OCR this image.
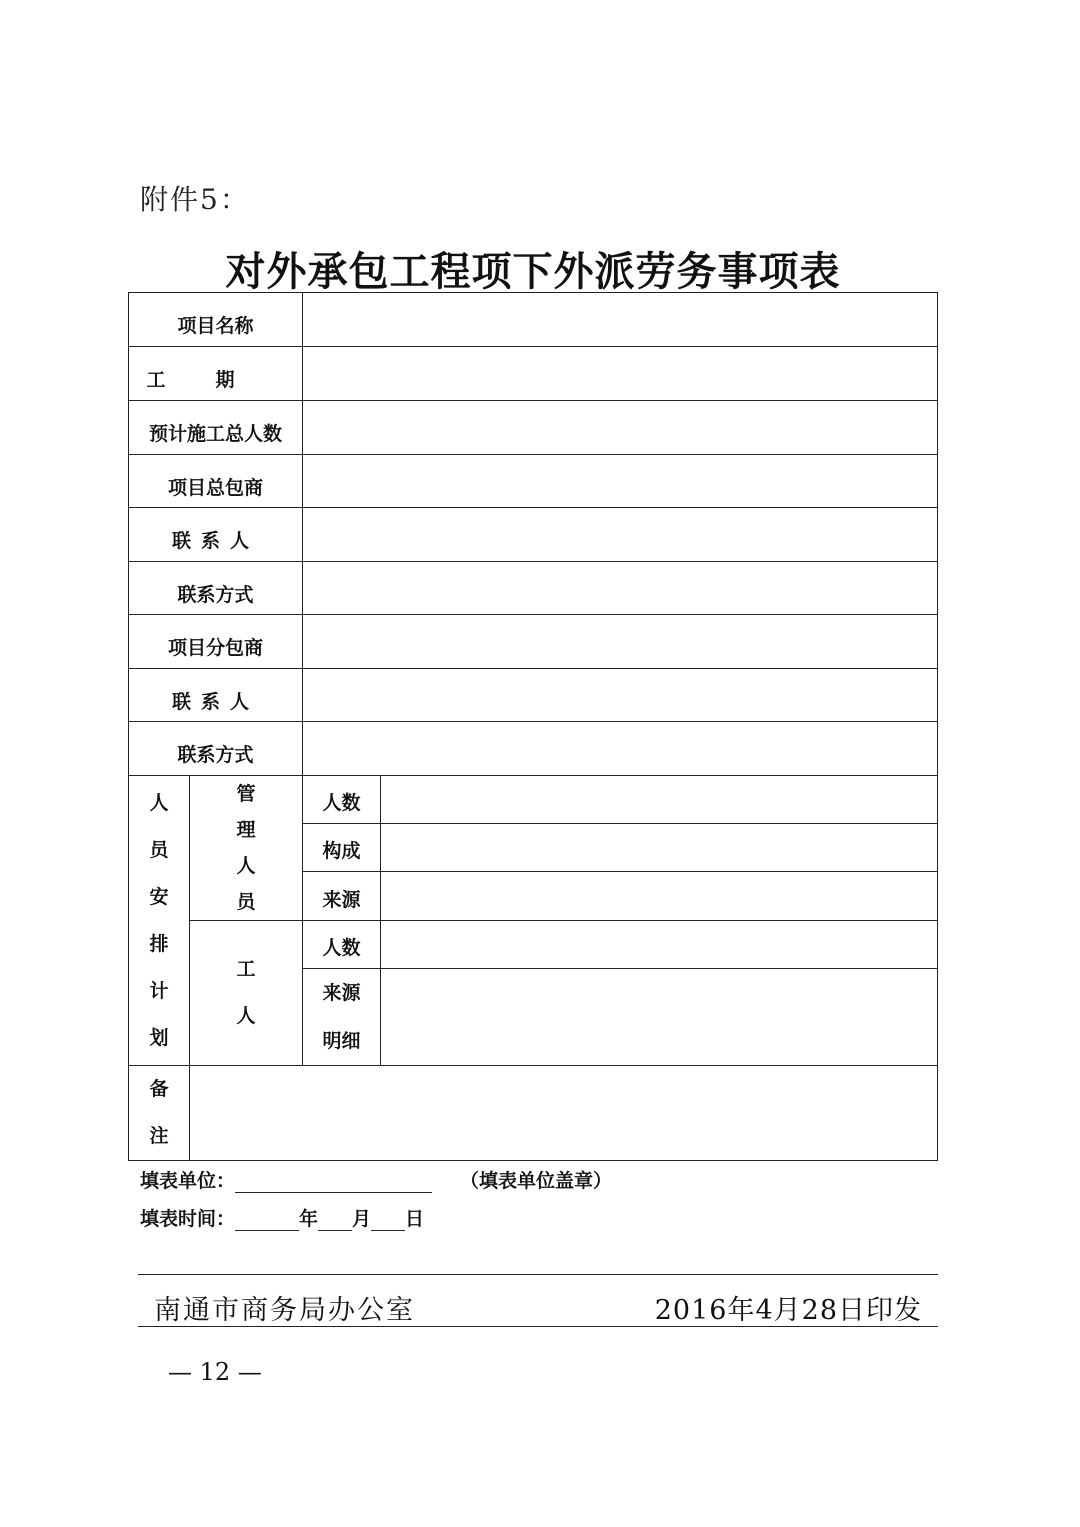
附件5：
对外承包工程项下外派劳务事项表
项目名称			
工期			
预计施工总人数			
项目总包商			
联系人			
联系方式			
项目分包商			
联系人			
联系方式			

人员安排计划	管理人员	人数	
		构成	
		来源	

	工人	人数	

		来源明细	

备注			

填表单位：	（填表单位盖章）
填表时间：	年 月 日
南通市商务局办公室	2016年4月28日印发
— 12 —
